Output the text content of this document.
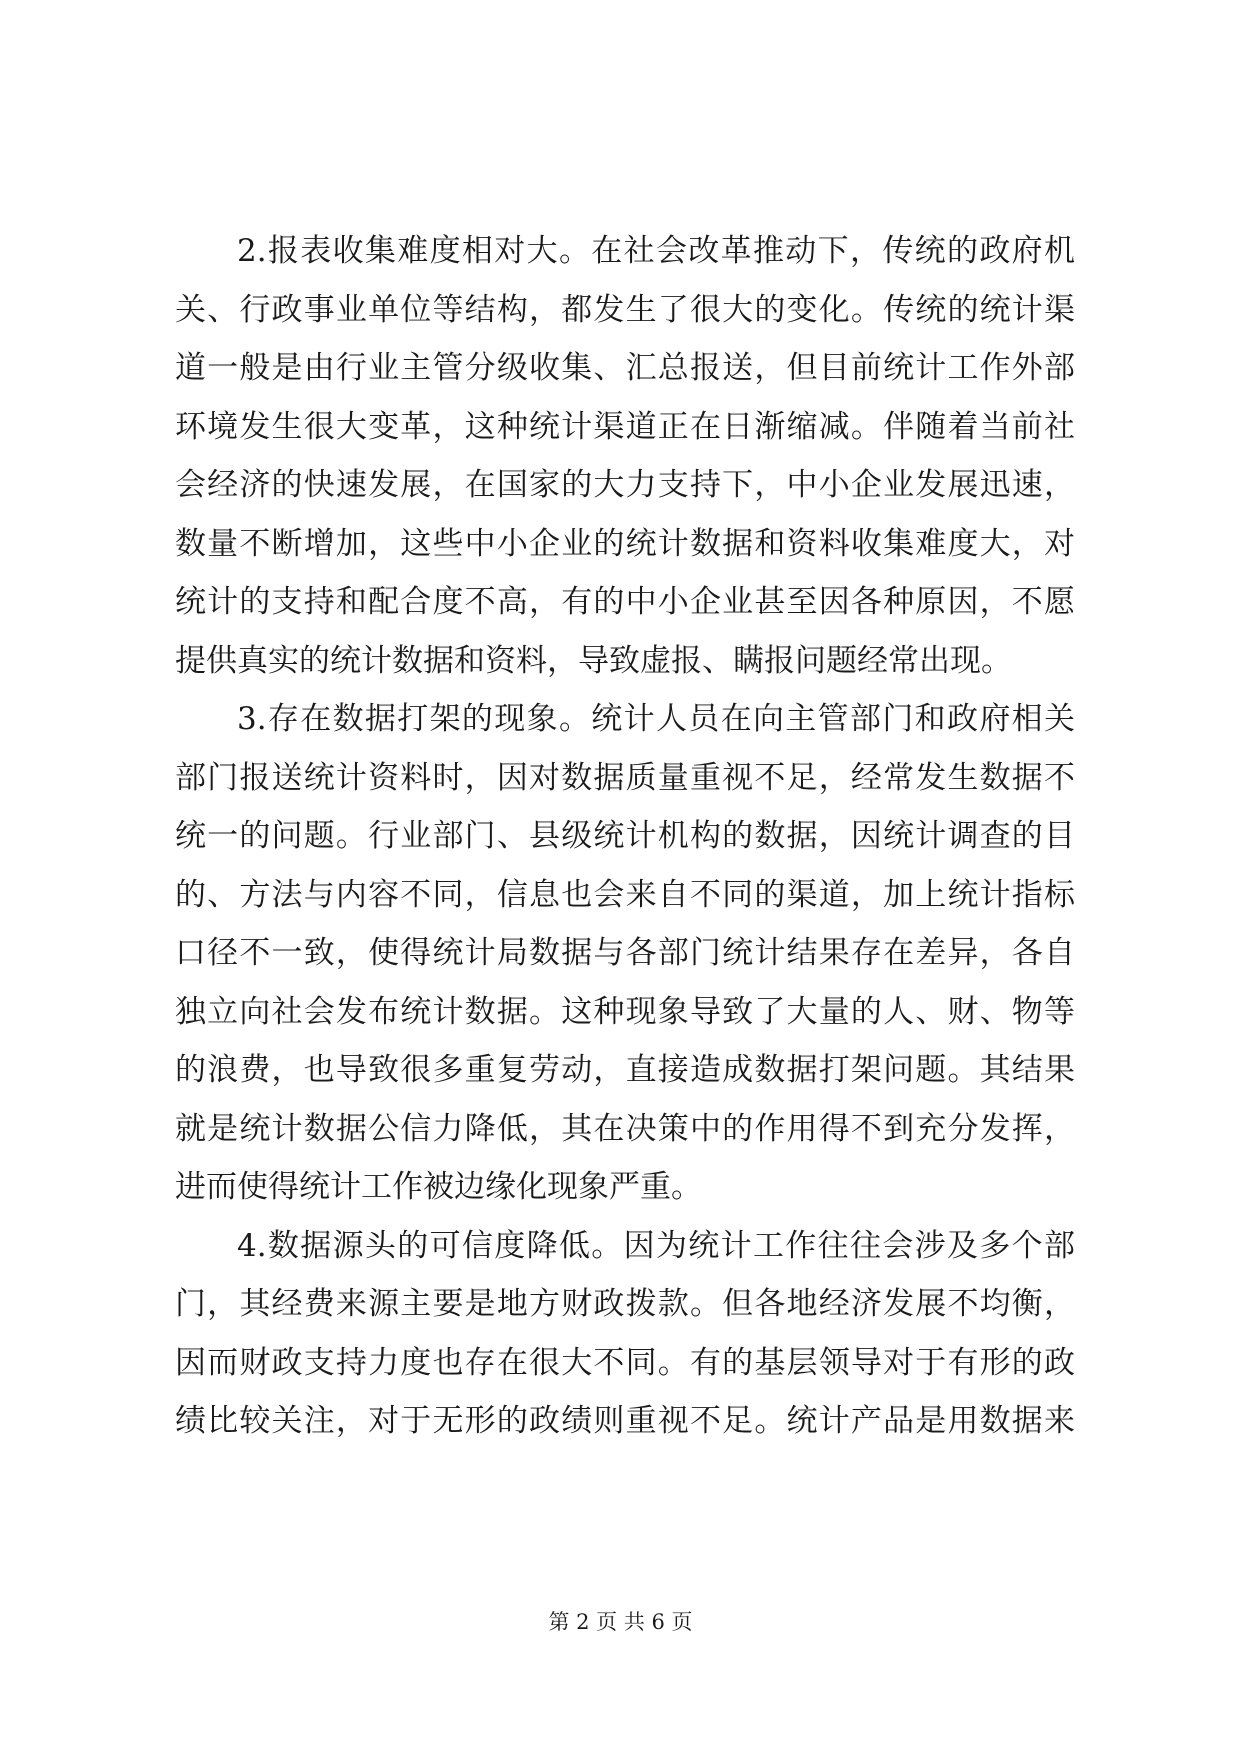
2.报表收集难度相对大。在社会改革推动下，传统的政府机
关、行政事业单位等结构，都发生了很大的变化。传统的统计渠
道一般是由行业主管分级收集、汇总报送，但目前统计工作外部
环境发生很大变革，这种统计渠道正在日渐缩减。伴随着当前社
会经济的快速发展，在国家的大力支持下，中小企业发展迅速，
数量不断增加，这些中小企业的统计数据和资料收集难度大，对
统计的支持和配合度不高，有的中小企业甚至因各种原因，不愿
提供真实的统计数据和资料，导致虚报、瞒报问题经常出现。
3.存在数据打架的现象。统计人员在向主管部门和政府相关
部门报送统计资料时，因对数据质量重视不足，经常发生数据不
统一的问题。行业部门、县级统计机构的数据，因统计调查的目
的、方法与内容不同，信息也会来自不同的渠道，加上统计指标
口径不一致，使得统计局数据与各部门统计结果存在差异，各自
独立向社会发布统计数据。这种现象导致了大量的人、财、物等
的浪费，也导致很多重复劳动，直接造成数据打架问题。其结果
就是统计数据公信力降低，其在决策中的作用得不到充分发挥，
进而使得统计工作被边缘化现象严重。
4.数据源头的可信度降低。因为统计工作往往会涉及多个部
门，其经费来源主要是地方财政拨款。但各地经济发展不均衡，
因而财政支持力度也存在很大不同。有的基层领导对于有形的政
绩比较关注，对于无形的政绩则重视不足。统计产品是用数据来
第 2 页 共 6 页
